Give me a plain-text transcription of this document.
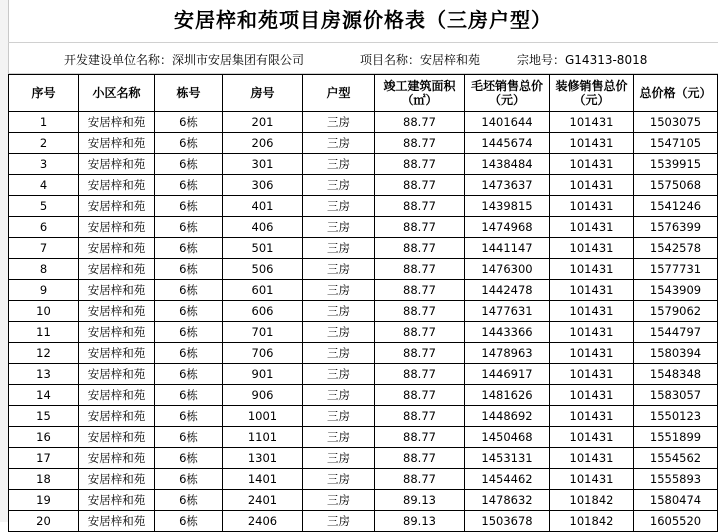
安居梓和苑项目房源价格表（三房户型）
开发建设单位名称：深圳市安居集团有限公司	项目名称：安居梓和苑	宗地号：G14313-8018
序号	小区名称	栋号	房号	户型	竣工建筑面积（㎡）	毛坯销售总价（元）	装修销售总价（元）	总价格（元）
1	安居梓和苑	6栋	201	三房	88.77	1401644	101431	1503075
2	安居梓和苑	6栋	206	三房	88.77	1445674	101431	1547105
3	安居梓和苑	6栋	301	三房	88.77	1438484	101431	1539915
4	安居梓和苑	6栋	306	三房	88.77	1473637	101431	1575068
5	安居梓和苑	6栋	401	三房	88.77	1439815	101431	1541246
6	安居梓和苑	6栋	406	三房	88.77	1474968	101431	1576399
7	安居梓和苑	6栋	501	三房	88.77	1441147	101431	1542578
8	安居梓和苑	6栋	506	三房	88.77	1476300	101431	1577731
9	安居梓和苑	6栋	601	三房	88.77	1442478	101431	1543909
10	安居梓和苑	6栋	606	三房	88.77	1477631	101431	1579062
11	安居梓和苑	6栋	701	三房	88.77	1443366	101431	1544797
12	安居梓和苑	6栋	706	三房	88.77	1478963	101431	1580394
13	安居梓和苑	6栋	901	三房	88.77	1446917	101431	1548348
14	安居梓和苑	6栋	906	三房	88.77	1481626	101431	1583057
15	安居梓和苑	6栋	1001	三房	88.77	1448692	101431	1550123
16	安居梓和苑	6栋	1101	三房	88.77	1450468	101431	1551899
17	安居梓和苑	6栋	1301	三房	88.77	1453131	101431	1554562
18	安居梓和苑	6栋	1401	三房	88.77	1454462	101431	1555893
19	安居梓和苑	6栋	2401	三房	89.13	1478632	101842	1580474
20	安居梓和苑	6栋	2406	三房	89.13	1503678	101842	1605520
